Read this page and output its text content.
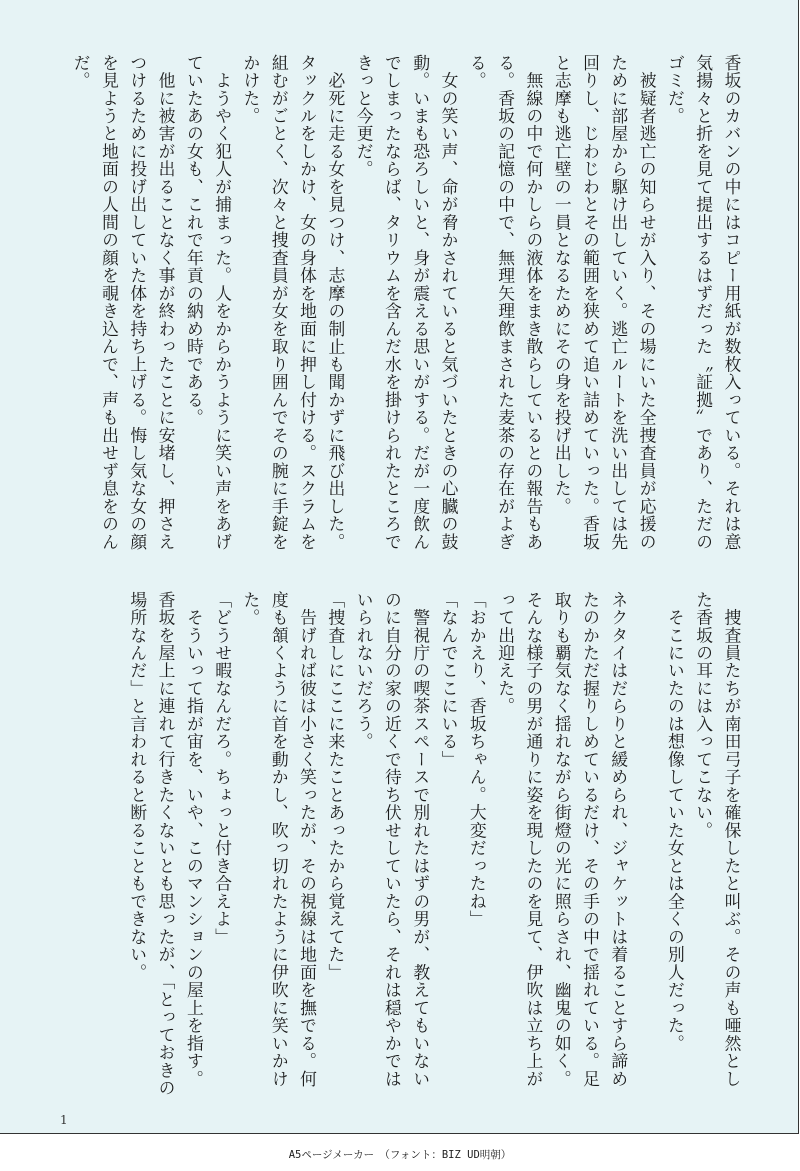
香坂のカバンの中にはコピー用紙が数枚入っている。それは意気揚々と折を見て提出するはずだった〝証拠〟であり、ただのゴミだ。

　被疑者逃亡の知らせが入り、その場にいた全捜査員が応援のために部屋から駆け出していく。逃亡ルートを洗い出しては先回りし、じわじわとその範囲を狭めて追い詰めていった。香坂と志摩も逃亡壁の一員となるためにその身を投げ出した。

　無線の中で何かしらの液体をまき散らしているとの報告もある。香坂の記憶の中で、無理矢理飲まされた麦茶の存在がよぎる。

　女の笑い声、命が脅かされていると気づいたときの心臓の鼓動。いまも恐ろしいと、身が震える思いがする。だが一度飲んでしまったならば、タリウムを含んだ水を掛けられたところできっと今更だ。

　必死に走る女を見つけ、志摩の制止も聞かずに飛び出した。タックルをしかけ、女の身体を地面に押し付ける。スクラムを組むがごとく、次々と捜査員が女を取り囲んでその腕に手錠をかけた。

　ようやく犯人が捕まった。人をからかうように笑い声をあげていたあの女も、これで年貢の納め時である。

　他に被害が出ることなく事が終わったことに安堵し、押さえつけるために投げ出していた体を持ち上げる。悔し気な女の顔を見ようと地面の人間の顔を覗き込んで、声も出せず息をのんだ。

　捜査員たちが南田弓子を確保したと叫ぶ。その声も唖然とした香坂の耳には入ってこない。

　そこにいたのは想像していた女とは全くの別人だった。

ネクタイはだらりと緩められ、ジャケットは着ることすら諦めたのかただ握りしめているだけ、その手の中で揺れている。足取りも覇気なく揺れながら街燈の光に照らされ、幽鬼の如く。そんな様子の男が通りに姿を現したのを見て、伊吹は立ち上がって出迎えた。

「おかえり、香坂ちゃん。大変だったね」

「なんでここにいる」

　警視庁の喫茶スペースで別れたはずの男が、教えてもいないのに自分の家の近くで待ち伏せしていたら、それは穏やかではいられないだろう。

「捜査しにここに来たことあったから覚えてた」

　告げれば彼は小さく笑ったが、その視線は地面を撫でる。何度も頷くように首を動かし、吹っ切れたように伊吹に笑いかけた。

「どうせ暇なんだろ。ちょっと付き合えよ」

　そういって指が宙を、いや、このマンションの屋上を指す。香坂を屋上に連れて行きたくないとも思ったが、「とっておきの場所なんだ」と言われると断ることもできない。

1
A5ページメーカー　（フォント：BIZ UD明朝）
